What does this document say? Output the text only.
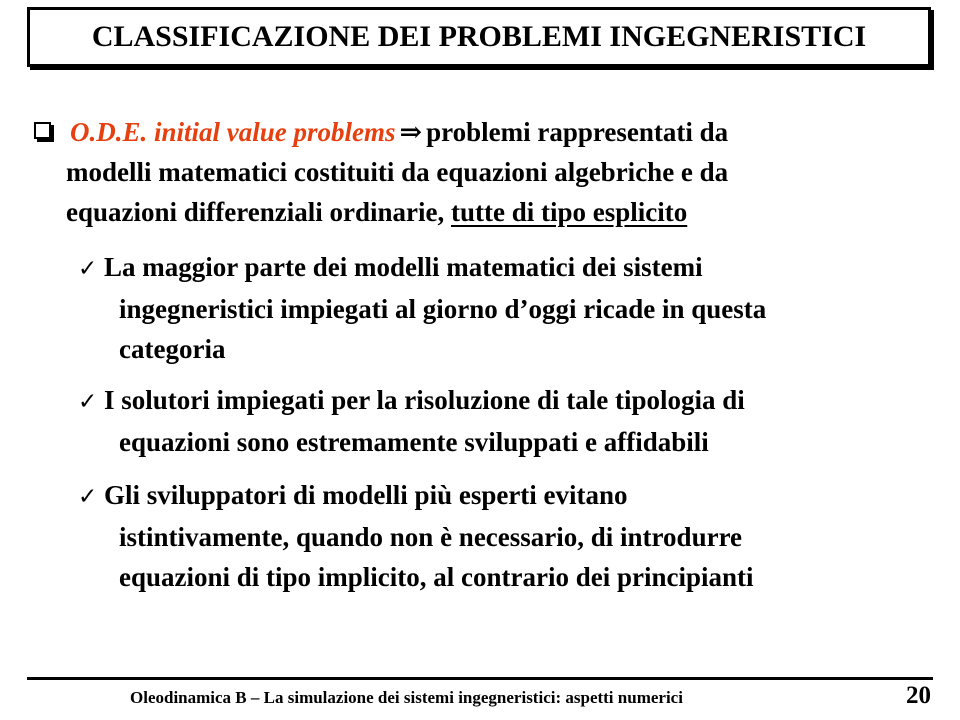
CLASSIFICAZIONE DEI PROBLEMI INGEGNERISTICI
O.D.E. initial value problems ⇒ problemi rappresentati da
modelli matematici costituiti da equazioni algebriche e da
equazioni differenziali ordinarie, tutte di tipo esplicito
✓ La maggior parte dei modelli matematici dei sistemi
ingegneristici impiegati al giorno d’oggi ricade in questa
categoria
✓ I solutori impiegati per la risoluzione di tale tipologia di
equazioni sono estremamente sviluppati e affidabili
✓ Gli sviluppatori di modelli più esperti evitano
istintivamente, quando non è necessario, di introdurre
equazioni di tipo implicito, al contrario dei principianti
Oleodinamica B – La simulazione dei sistemi ingegneristici: aspetti numerici	20
